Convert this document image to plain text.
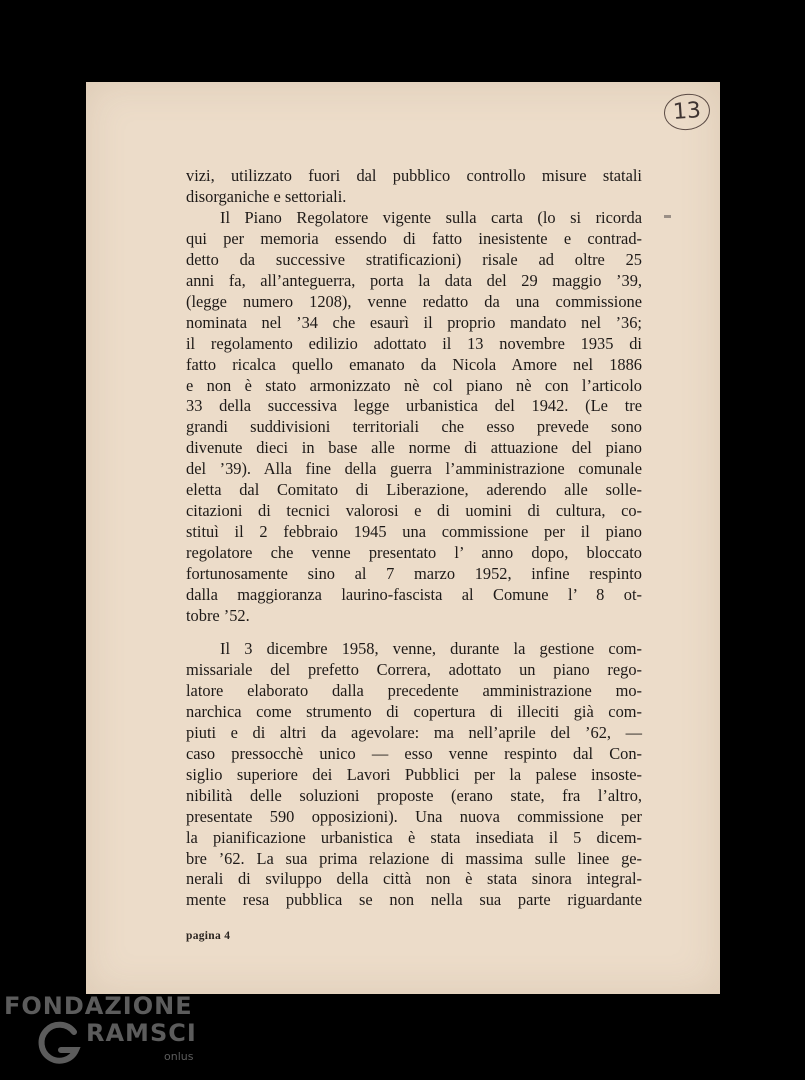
13

vizi, utilizzato fuori dal pubblico controllo misure statali
disorganiche e settoriali.

Il Piano Regolatore vigente sulla carta (lo si ricorda
qui per memoria essendo di fatto inesistente e contrad-
detto da successive stratificazioni) risale ad oltre 25
anni fa, all’anteguerra, porta la data del 29 maggio ’39,
(legge numero 1208), venne redatto da una commissione
nominata nel ’34 che esaurì il proprio mandato nel ’36;
il regolamento edilizio adottato il 13 novembre 1935 di
fatto ricalca quello emanato da Nicola Amore nel 1886
e non è stato armonizzato nè col piano nè con l’articolo
33 della successiva legge urbanistica del 1942. (Le tre
grandi suddivisioni territoriali che esso prevede sono
divenute dieci in base alle norme di attuazione del piano
del ’39). Alla fine della guerra l’amministrazione comunale
eletta dal Comitato di Liberazione, aderendo alle solle-
citazioni di tecnici valorosi e di uomini di cultura, co-
stituì il 2 febbraio 1945 una commissione per il piano
regolatore che venne presentato l’ anno dopo, bloccato
fortunosamente sino al 7 marzo 1952, infine respinto
dalla maggioranza laurino-fascista al Comune l’ 8 ot-
tobre ’52.

Il 3 dicembre 1958, venne, durante la gestione com-
missariale del prefetto Correra, adottato un piano rego-
latore elaborato dalla precedente amministrazione mo-
narchica come strumento di copertura di illeciti già com-
piuti e di altri da agevolare: ma nell’aprile del ’62, —
caso pressocchè unico — esso venne respinto dal Con-
siglio superiore dei Lavori Pubblici per la palese insoste-
nibilità delle soluzioni proposte (erano state, fra l’altro,
presentate 590 opposizioni). Una nuova commissione per
la pianificazione urbanistica è stata insediata il 5 dicem-
bre ’62. La sua prima relazione di massima sulle linee ge-
nerali di sviluppo della città non è stata sinora integral-
mente resa pubblica se non nella sua parte riguardante

pagina 4
FONDAZIONE
RAMSCI
onlus
